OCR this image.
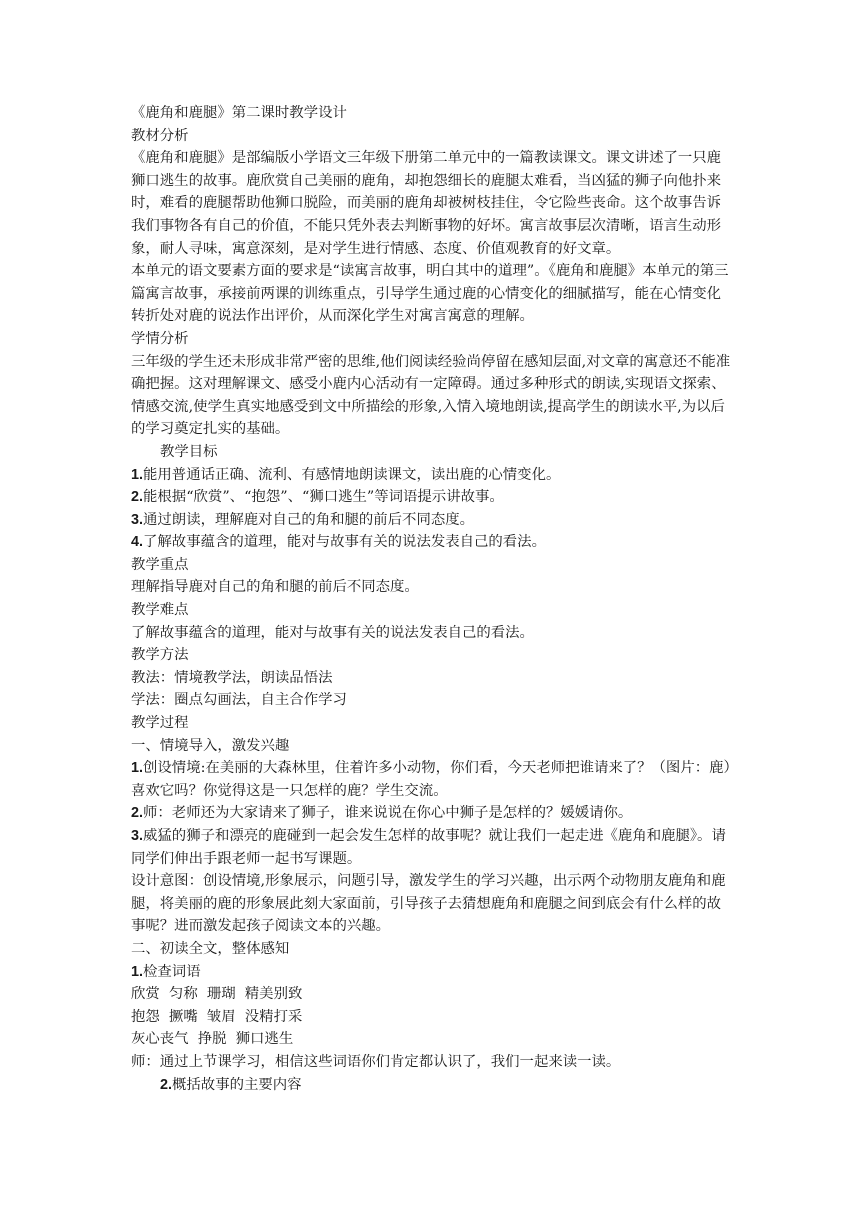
《鹿角和鹿腿》第二课时教学设计

教材分析

《鹿角和鹿腿》是部编版小学语文三年级下册第二单元中的一篇教读课文。课文讲述了一只鹿狮口逃生的故事。鹿欣赏自己美丽的鹿角，却抱怨细长的鹿腿太难看，当凶猛的狮子向他扑来时，难看的鹿腿帮助他狮口脱险，而美丽的鹿角却被树枝挂住，令它险些丧命。这个故事告诉我们事物各有自己的价值，不能只凭外表去判断事物的好坏。寓言故事层次清晰，语言生动形象，耐人寻味，寓意深刻，是对学生进行情感、态度、价值观教育的好文章。

本单元的语文要素方面的要求是“读寓言故事，明白其中的道理”。《鹿角和鹿腿》本单元的第三篇寓言故事，承接前两课的训练重点，引导学生通过鹿的心情变化的细腻描写，能在心情变化转折处对鹿的说法作出评价，从而深化学生对寓言寓意的理解。

学情分析

三年级的学生还未形成非常严密的思维,他们阅读经验尚停留在感知层面,对文章的寓意还不能准确把握。这对理解课文、感受小鹿内心活动有一定障碍。通过多种形式的朗读,实现语文探索、情感交流,使学生真实地感受到文中所描绘的形象,入情入境地朗读,提高学生的朗读水平,为以后的学习奠定扎实的基础。

教学目标

1.能用普通话正确、流利、有感情地朗读课文，读出鹿的心情变化。

2.能根据“欣赏”、“抱怨”、“狮口逃生”等词语提示讲故事。

3.通过朗读，理解鹿对自己的角和腿的前后不同态度。

4.了解故事蕴含的道理，能对与故事有关的说法发表自己的看法。

教学重点

理解指导鹿对自己的角和腿的前后不同态度。

教学难点

了解故事蕴含的道理，能对与故事有关的说法发表自己的看法。

教学方法

教法：情境教学法，朗读品悟法

学法：圈点勾画法，自主合作学习

教学过程

一、情境导入，激发兴趣

1.创设情境:在美丽的大森林里，住着许多小动物，你们看，今天老师把谁请来了？（图片：鹿）喜欢它吗？你觉得这是一只怎样的鹿？学生交流。

2.师：老师还为大家请来了狮子，谁来说说在你心中狮子是怎样的？媛媛请你。

3.威猛的狮子和漂亮的鹿碰到一起会发生怎样的故事呢？就让我们一起走进《鹿角和鹿腿》。请同学们伸出手跟老师一起书写课题。

设计意图：创设情境,形象展示，问题引导，激发学生的学习兴趣，出示两个动物朋友鹿角和鹿腿，将美丽的鹿的形象展此刻大家面前，引导孩子去猜想鹿角和鹿腿之间到底会有什么样的故事呢？进而激发起孩子阅读文本的兴趣。

二、初读全文，整体感知

1.检查词语

欣赏  匀称  珊瑚  精美别致

抱怨  撅嘴  皱眉  没精打采

灰心丧气  挣脱  狮口逃生

师：通过上节课学习，相信这些词语你们肯定都认识了，我们一起来读一读。

2.概括故事的主要内容
